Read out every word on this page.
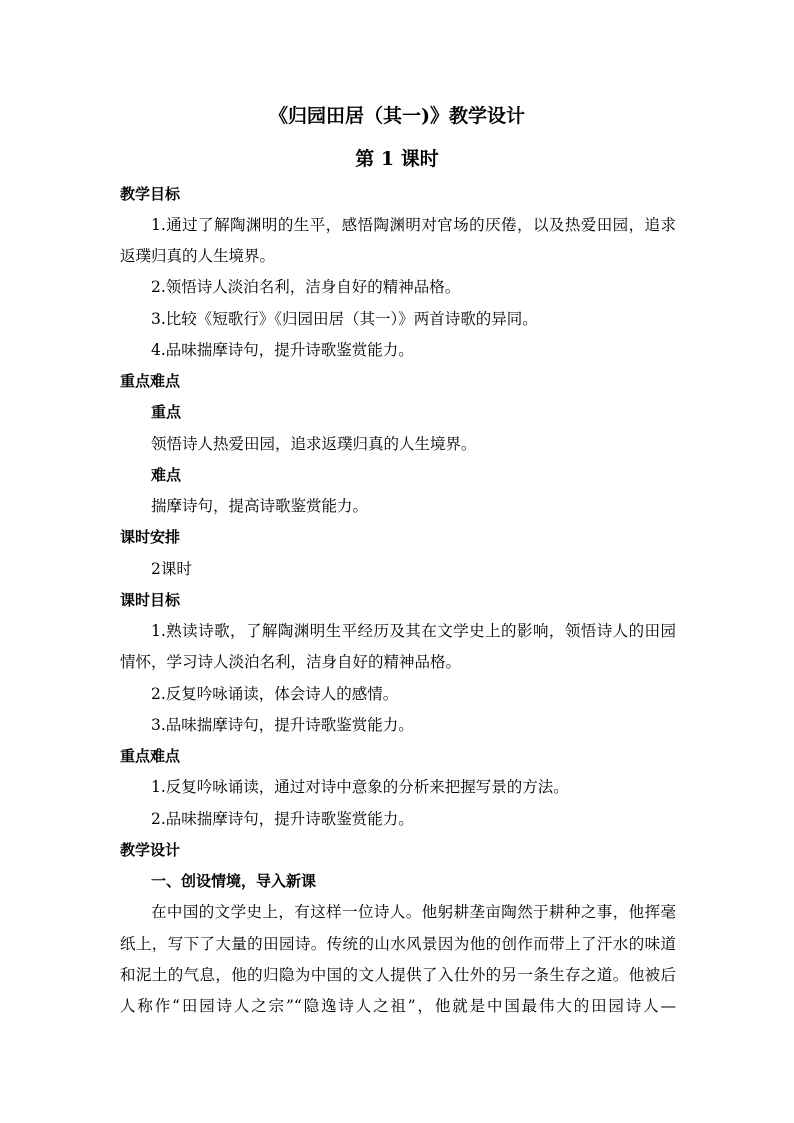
《归园田居（其一)》教学设计
第 1 课时
教学目标
1.通过了解陶渊明的生平，感悟陶渊明对官场的厌倦，以及热爱田园，追求
返璞归真的人生境界。
2.领悟诗人淡泊名利，洁身自好的精神品格。
3.比较《短歌行》《归园田居（其一）》两首诗歌的异同。
4.品味揣摩诗句，提升诗歌鉴赏能力。
重点难点
重点
领悟诗人热爱田园，追求返璞归真的人生境界。
难点
揣摩诗句，提高诗歌鉴赏能力。
课时安排
2课时
课时目标
1.熟读诗歌，了解陶渊明生平经历及其在文学史上的影响，领悟诗人的田园
情怀，学习诗人淡泊名利，洁身自好的精神品格。
2.反复吟咏诵读，体会诗人的感情。
3.品味揣摩诗句，提升诗歌鉴赏能力。
重点难点
1.反复吟咏诵读，通过对诗中意象的分析来把握写景的方法。
2.品味揣摩诗句，提升诗歌鉴赏能力。
教学设计
一、创设情境，导入新课
在中国的文学史上，有这样一位诗人。他躬耕垄亩陶然于耕种之事，他挥毫
纸上，写下了大量的田园诗。传统的山水风景因为他的创作而带上了汗水的味道
和泥土的气息，他的归隐为中国的文人提供了入仕外的另一条生存之道。他被后
人称作“田园诗人之宗”“隐逸诗人之祖”，他就是中国最伟大的田园诗人—
